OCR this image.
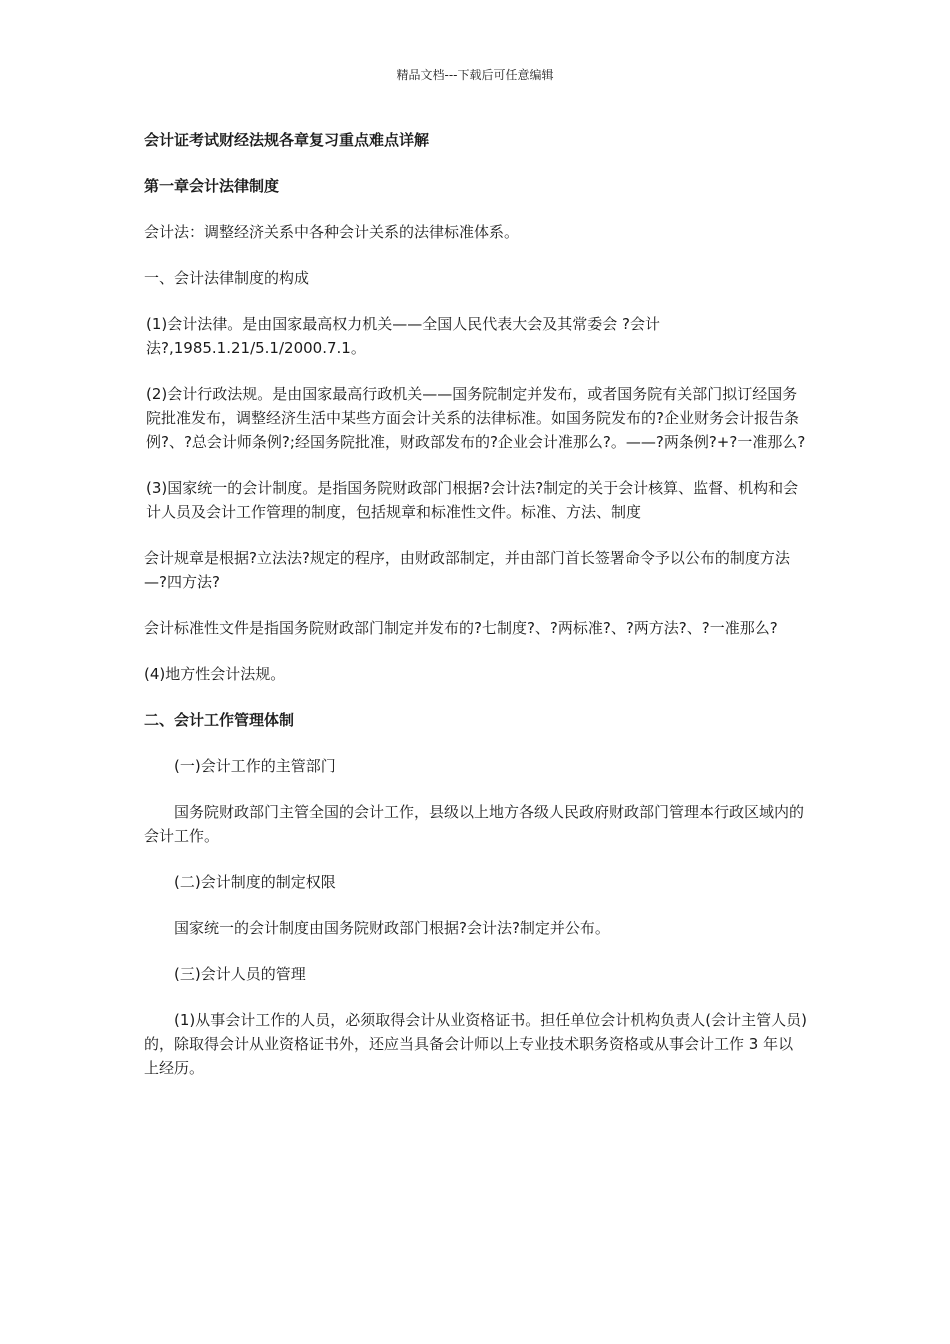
精品文档---下载后可任意编辑

会计证考试财经法规各章复习重点难点详解

第一章会计法律制度

会计法：调整经济关系中各种会计关系的法律标准体系。

一、会计法律制度的构成

(1)会计法律。是由国家最高权力机关——全国人民代表大会及其常委会 ?会计法?,1985.1.21/5.1/2000.7.1。

(2)会计行政法规。是由国家最高行政机关——国务院制定并发布，或者国务院有关部门拟订经国务院批准发布，调整经济生活中某些方面会计关系的法律标准。如国务院发布的?企业财务会计报告条例?、?总会计师条例?;经国务院批准，财政部发布的?企业会计准那么?。——?两条例?+?一准那么?

(3)国家统一的会计制度。是指国务院财政部门根据?会计法?制定的关于会计核算、监督、机构和会计人员及会计工作管理的制度，包括规章和标准性文件。标准、方法、制度

会计规章是根据?立法法?规定的程序，由财政部制定，并由部门首长签署命令予以公布的制度方法—?四方法?

会计标准性文件是指国务院财政部门制定并发布的?七制度?、?两标准?、?两方法?、?一准那么?

(4)地方性会计法规。

二、会计工作管理体制

(一)会计工作的主管部门

国务院财政部门主管全国的会计工作，县级以上地方各级人民政府财政部门管理本行政区域内的会计工作。

(二)会计制度的制定权限

国家统一的会计制度由国务院财政部门根据?会计法?制定并公布。

(三)会计人员的管理

(1)从事会计工作的人员，必须取得会计从业资格证书。担任单位会计机构负责人(会计主管人员)的，除取得会计从业资格证书外，还应当具备会计师以上专业技术职务资格或从事会计工作 3 年以上经历。
